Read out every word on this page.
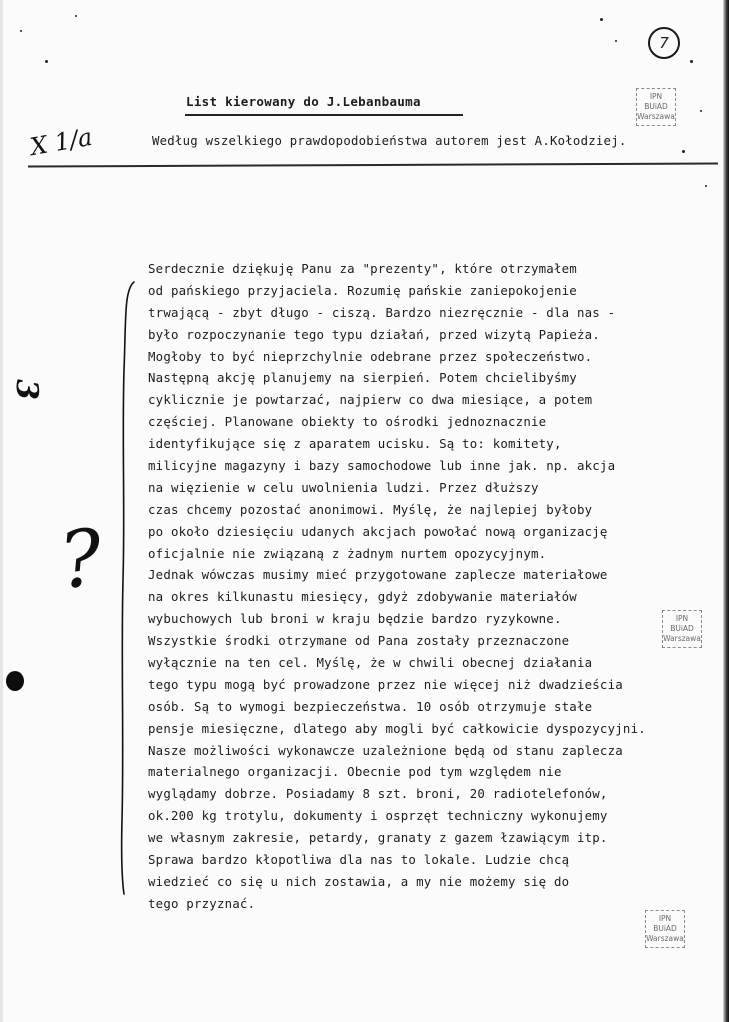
7
IPN
BUiAD
Warszawa
IPN
BUiAD
Warszawa
IPN
BUiAD
Warszawa
List kierowany do J.Lebanbauma
X 1/a	Według wszelkiego prawdopodobieństwa autorem jest A.Kołodziej.
3
?
Serdecznie dziękuję Panu za "prezenty", które otrzymałem
od pańskiego przyjaciela. Rozumię pańskie zaniepokojenie
trwającą - zbyt długo - ciszą. Bardzo niezręcznie - dla nas -
było rozpoczynanie tego typu działań, przed wizytą Papieża.
Mogłoby to być nieprzchylnie odebrane przez społeczeństwo.
Następną akcję planujemy na sierpień. Potem chcielibyśmy
cyklicznie je powtarzać, najpierw co dwa miesiące, a potem
częściej. Planowane obiekty to ośrodki jednoznacznie
identyfikujące się z aparatem ucisku. Są to: komitety,
milicyjne magazyny i bazy samochodowe lub inne jak. np. akcja
na więzienie w celu uwolnienia ludzi. Przez dłuższy
czas chcemy pozostać anonimowi. Myślę, że najlepiej byłoby
po około dziesięciu udanych akcjach powołać nową organizację
oficjalnie nie związaną z żadnym nurtem opozycyjnym.
Jednak wówczas musimy mieć przygotowane zaplecze materiałowe
na okres kilkunastu miesięcy, gdyż zdobywanie materiałów
wybuchowych lub broni w kraju będzie bardzo ryzykowne.
Wszystkie środki otrzymane od Pana zostały przeznaczone
wyłącznie na ten cel. Myślę, że w chwili obecnej działania
tego typu mogą być prowadzone przez nie więcej niż dwadzieścia
osób. Są to wymogi bezpieczeństwa. 10 osób otrzymuje stałe
pensje miesięczne, dlatego aby mogli być całkowicie dyspozycyjni.
Nasze możliwości wykonawcze uzależnione będą od stanu zaplecza
materialnego organizacji. Obecnie pod tym względem nie
wyglądamy dobrze. Posiadamy 8 szt. broni, 20 radiotelefonów,
ok.200 kg trotylu, dokumenty i osprzęt techniczny wykonujemy
we własnym zakresie, petardy, granaty z gazem łzawiącym itp.
Sprawa bardzo kłopotliwa dla nas to lokale. Ludzie chcą
wiedzieć co się u nich zostawia, a my nie możemy się do
tego przyznać.
